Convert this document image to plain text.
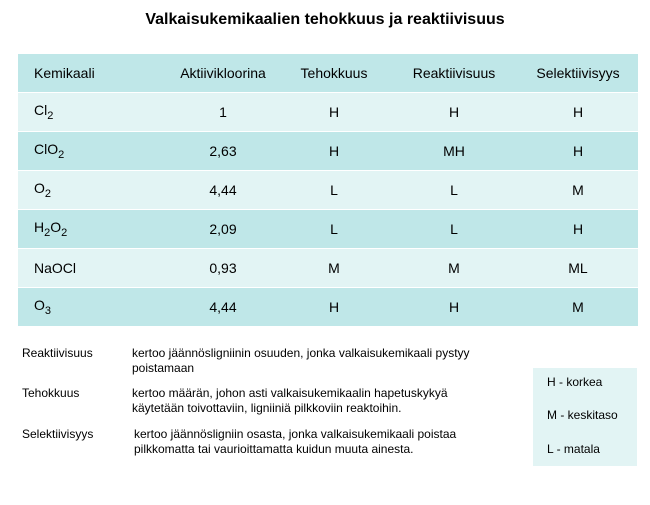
Valkaisukemikaalien tehokkuus ja reaktiivisuus
Kemikaali	Aktiivikloorina	Tehokkuus	Reaktiivisuus	Selektiivisyys
$Cl_2$	1	H	H	H
ClO$_2$	2,63	H	MH	H
$O_2$	4,44	L	L	M
$H_2O_2$	2,09	L	L	H
NaOCl	0,93	M	M	ML
$O_3$	4,44	H	H	M
Reaktiivisuus	kertoo jäännösligniinin osuuden, jonka valkaisukemikaali pystyy poistamaan
Tehokkuus	kertoo määrän, johon asti valkaisukemikaalin hapetuskykyä käytetään toivottaviin, ligniiniä pilkkoviin reaktoihin.
Selektiivisyys	kertoo jäännösligniin osasta, jonka valkaisukemikaali poistaa pilkkomatta tai vaurioittamatta kuidun muuta ainesta.
H - korkea
M - keskitaso
L - matala
